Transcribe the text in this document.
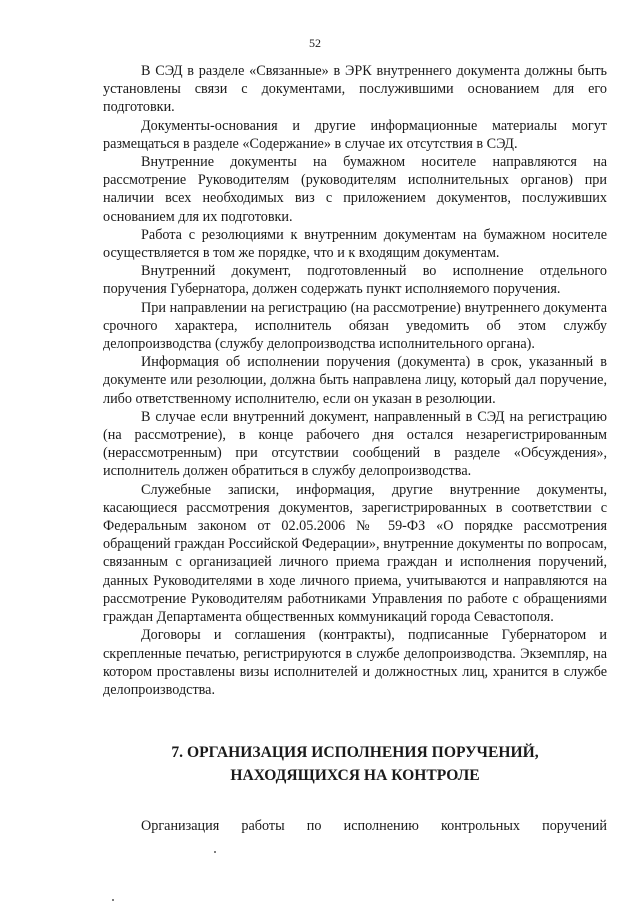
52

В СЭД в разделе «Связанные» в ЭРК внутреннего документа должны быть установлены связи с документами, послужившими основанием для его подготовки.

Документы-основания и другие информационные материалы могут размещаться в разделе «Содержание» в случае их отсутствия в СЭД.

Внутренние документы на бумажном носителе направляются на рассмотрение Руководителям (руководителям исполнительных органов) при наличии всех необходимых виз с приложением документов, послуживших основанием для их подготовки.

Работа с резолюциями к внутренним документам на бумажном носителе осуществляется в том же порядке, что и к входящим документам.

Внутренний документ, подготовленный во исполнение отдельного поручения Губернатора, должен содержать пункт исполняемого поручения.

При направлении на регистрацию (на рассмотрение) внутреннего документа срочного характера, исполнитель обязан уведомить об этом службу делопроизводства (службу делопроизводства исполнительного органа).

Информация об исполнении поручения (документа) в срок, указанный в документе или резолюции, должна быть направлена лицу, который дал поручение, либо ответственному исполнителю, если он указан в резолюции.

В случае если внутренний документ, направленный в СЭД на регистрацию (на рассмотрение), в конце рабочего дня остался незарегистрированным (нерассмотренным) при отсутствии сообщений в разделе «Обсуждения», исполнитель должен обратиться в службу делопроизводства.

Служебные записки, информация, другие внутренние документы, касающиеся рассмотрения документов, зарегистрированных в соответствии с Федеральным законом от 02.05.2006 № 59-ФЗ «О порядке рассмотрения обращений граждан Российской Федерации», внутренние документы по вопросам, связанным с организацией личного приема граждан и исполнения поручений, данных Руководителями в ходе личного приема, учитываются и направляются на рассмотрение Руководителям работниками Управления по работе с обращениями граждан Департамента общественных коммуникаций города Севастополя.

Договоры и соглашения (контракты), подписанные Губернатором и скрепленные печатью, регистрируются в службе делопроизводства. Экземпляр, на котором проставлены визы исполнителей и должностных лиц, хранится в службе делопроизводства.

7. ОРГАНИЗАЦИЯ ИСПОЛНЕНИЯ ПОРУЧЕНИЙ,
НАХОДЯЩИХСЯ НА КОНТРОЛЕ

Организация работы по исполнению контрольных поручений
